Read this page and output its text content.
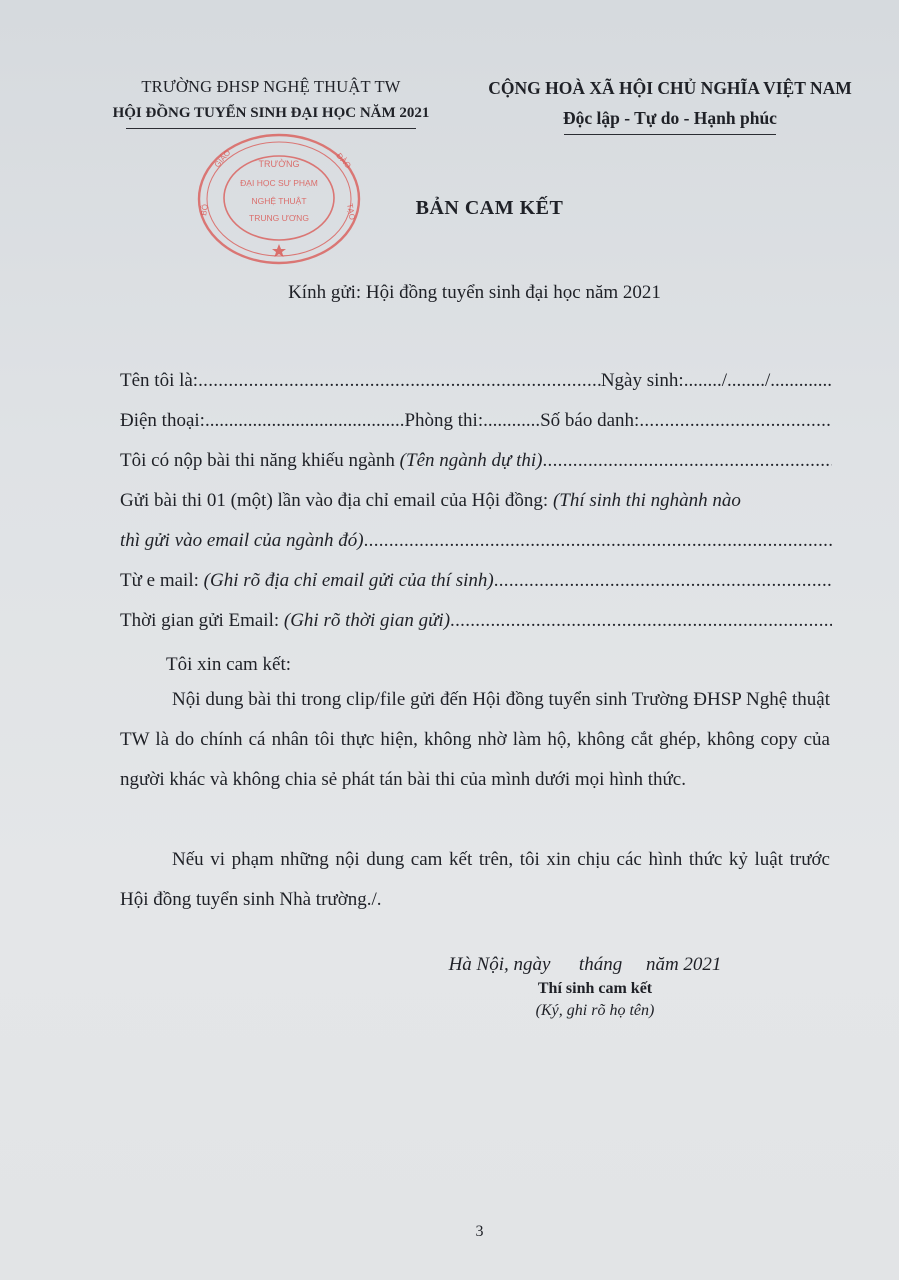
TRƯỜNG ĐHSP NGHỆ THUẬT TW
HỘI ĐỒNG TUYỂN SINH ĐẠI HỌC NĂM 2021
CỘNG HOÀ XÃ HỘI CHỦ NGHĨA VIỆT NAM
Độc lập - Tự do - Hạnh phúc
GIÁO	ĐÀO
BỘ	TẠO
TRƯỜNG
ĐẠI HỌC SƯ PHẠM
NGHỆ THUẬT
TRUNG ƯƠNG	BẢN CAM KẾT
Kính gửi: Hội đồng tuyển sinh đại học năm 2021
Tên tôi là:
.....	Ngày sinh: ......../......../.............
Điện thoại: .......................................... Phòng thi: ............ Số báo danh:
.....
Tôi có nộp bài thi năng khiếu ngành (Tên ngành dự thi)
.....
Gửi bài thi 01 (một) lần vào địa chỉ email của Hội đồng: (Thí sinh thi nghành nào
thì gửi vào email của ngành đó)
.....
Từ e mail: (Ghi rõ địa chỉ email gửi của thí sinh)
.....
Thời gian gửi Email: (Ghi rõ thời gian gửi)
.....
Tôi xin cam kết:
Nội dung bài thi trong clip/file gửi đến Hội đồng tuyển sinh Trường ĐHSP Nghệ thuật TW là do chính cá nhân tôi thực hiện, không nhờ làm hộ, không cắt ghép, không copy của người khác và không chia sẻ phát tán bài thi của mình dưới mọi hình thức.
Nếu vi phạm những nội dung cam kết trên, tôi xin chịu các hình thức kỷ luật trước Hội đồng tuyển sinh Nhà trường./.
Hà Nội, ngày      tháng     năm 2021
Thí sinh cam kết
(Ký, ghi rõ họ tên)
3
